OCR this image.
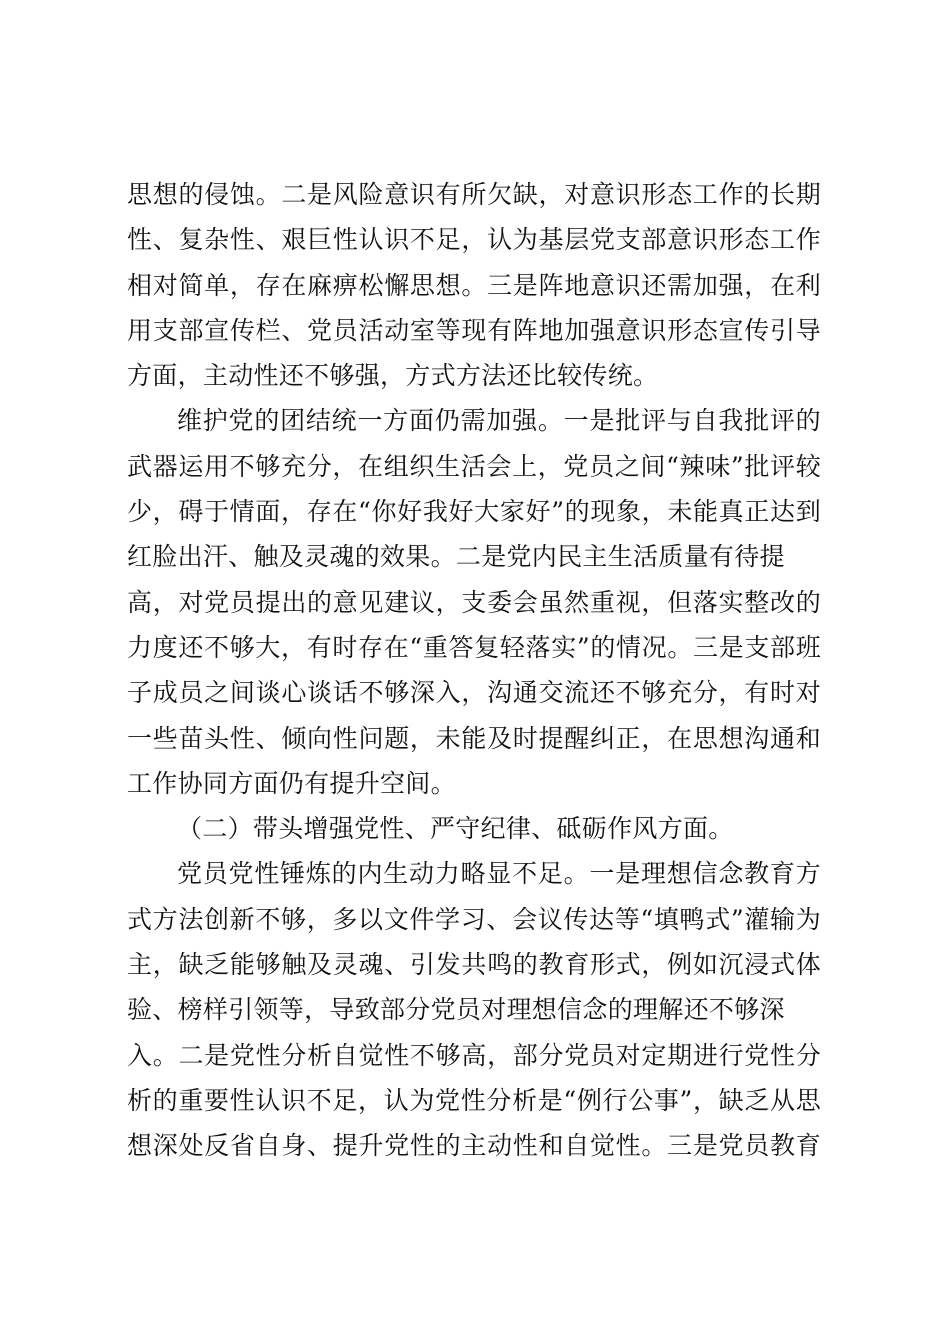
思想的侵蚀。二是风险意识有所欠缺，对意识形态工作的长期
性、复杂性、艰巨性认识不足，认为基层党支部意识形态工作
相对简单，存在麻痹松懈思想。三是阵地意识还需加强，在利
用支部宣传栏、党员活动室等现有阵地加强意识形态宣传引导
方面，主动性还不够强，方式方法还比较传统。
维护党的团结统一方面仍需加强。一是批评与自我批评的
武器运用不够充分，在组织生活会上，党员之间“辣味”批评较
少，碍于情面，存在“你好我好大家好”的现象，未能真正达到
红脸出汗、触及灵魂的效果。二是党内民主生活质量有待提
高，对党员提出的意见建议，支委会虽然重视，但落实整改的
力度还不够大，有时存在“重答复轻落实”的情况。三是支部班
子成员之间谈心谈话不够深入，沟通交流还不够充分，有时对
一些苗头性、倾向性问题，未能及时提醒纠正，在思想沟通和
工作协同方面仍有提升空间。
（二）带头增强党性、严守纪律、砥砺作风方面。
党员党性锤炼的内生动力略显不足。一是理想信念教育方
式方法创新不够，多以文件学习、会议传达等“填鸭式”灌输为
主，缺乏能够触及灵魂、引发共鸣的教育形式，例如沉浸式体
验、榜样引领等，导致部分党员对理想信念的理解还不够深
入。二是党性分析自觉性不够高，部分党员对定期进行党性分
析的重要性认识不足，认为党性分析是“例行公事”，缺乏从思
想深处反省自身、提升党性的主动性和自觉性。三是党员教育
